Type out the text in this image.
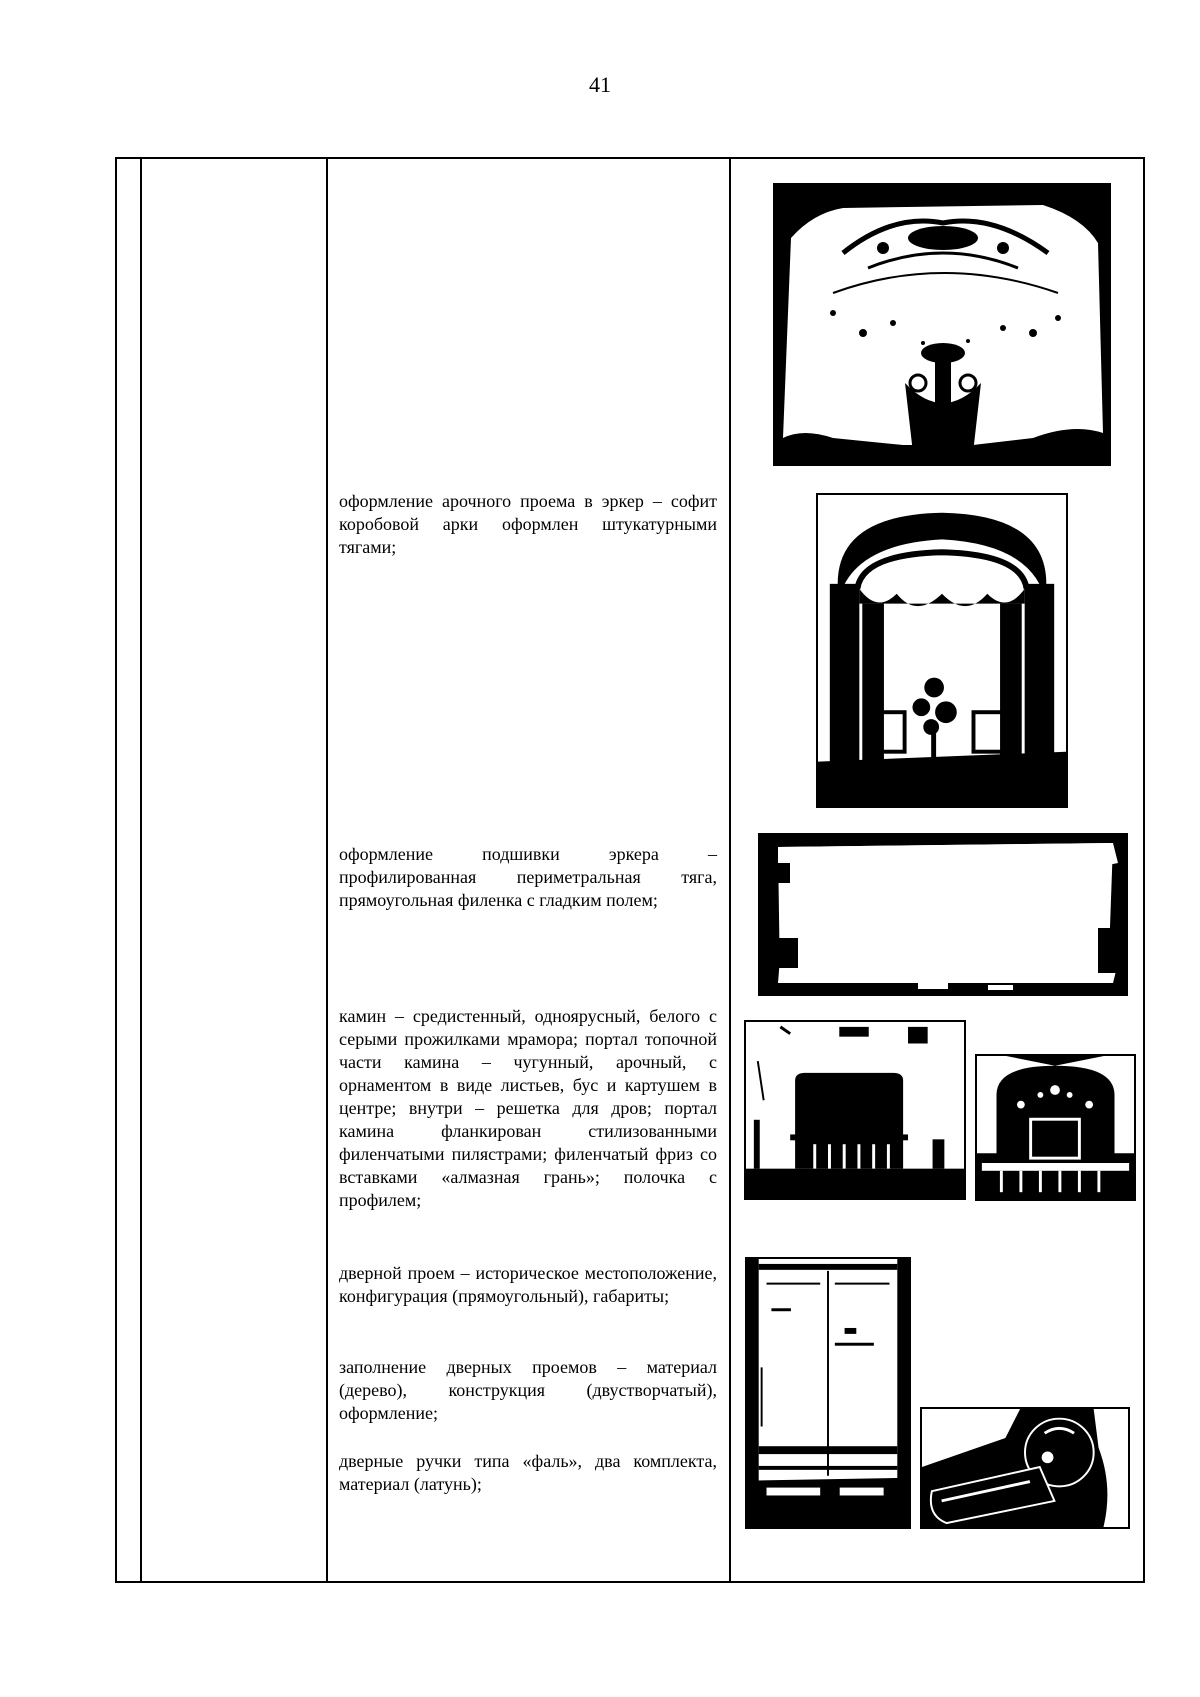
41

оформление арочного проема в эркер – софит коробовой арки оформлен штукатурными тягами;

оформление подшивки эркера – профилированная периметральная тяга, прямоугольная филенка с гладким полем;

камин – средистенный, одноярусный, белого с серыми прожилками мрамора; портал топочной части камина – чугунный, арочный, с орнаментом в виде листьев, бус и картушем в центре; внутри – решетка для дров; портал камина фланкирован стилизованными филенчатыми пилястрами; филенчатый фриз со вставками «алмазная грань»; полочка с профилем;

дверной проем – историческое местоположение, конфигурация (прямоугольный), габариты;

заполнение дверных проемов – материал (дерево), конструкция (двустворчатый), оформление;

дверные ручки типа «фаль», два комплекта, материал (латунь);
